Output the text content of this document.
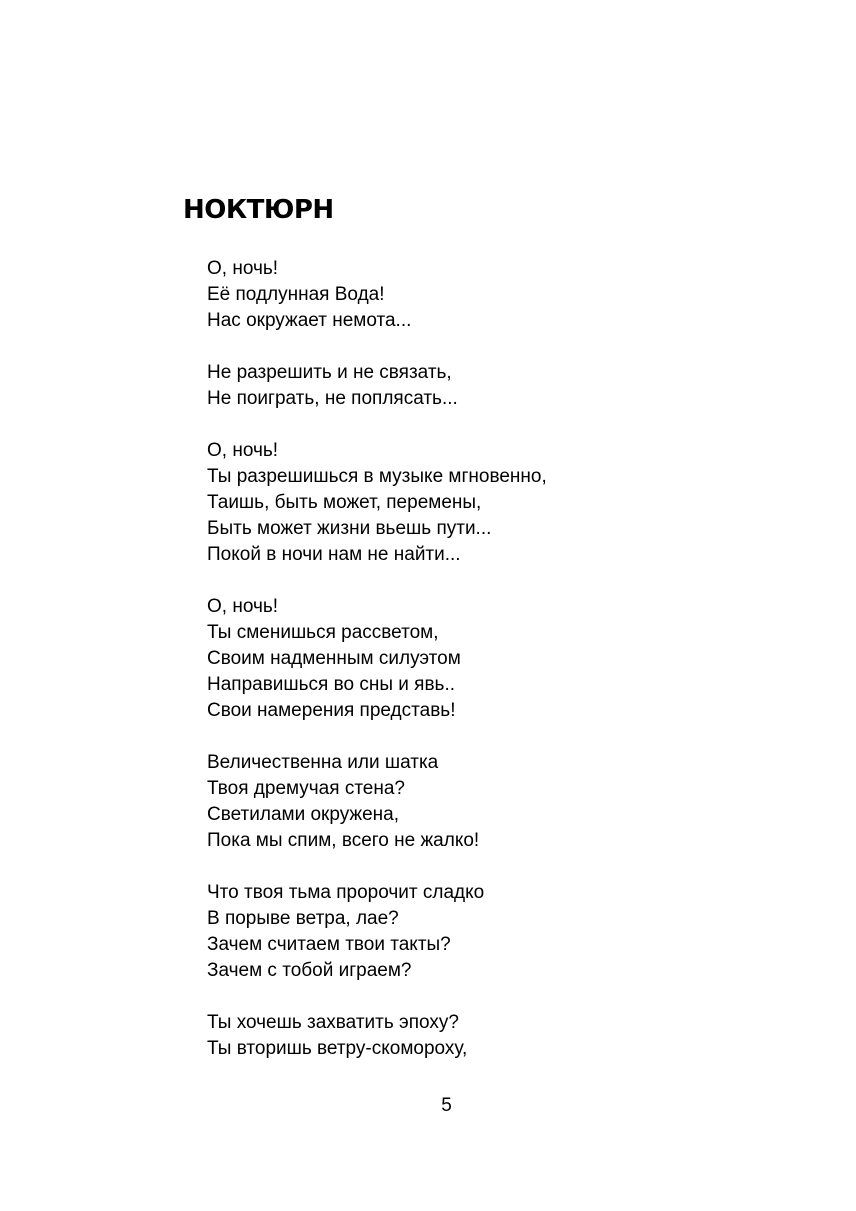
НОКТЮРН
О, ночь!
Её подлунная Вода!
Нас окружает немота...
Не разрешить и не связать,
Не поиграть, не поплясать...
О, ночь!
Ты разрешишься в музыке мгновенно,
Таишь, быть может, перемены,
Быть может жизни вьешь пути...
Покой в ночи нам не найти...
О, ночь!
Ты сменишься рассветом,
Своим надменным силуэтом
Направишься во сны и явь..
Свои намерения представь!
Величественна или шатка
Твоя дремучая стена?
Светилами окружена,
Пока мы спим, всего не жалко!
Что твоя тьма пророчит сладко
В порыве ветра, лае?
Зачем считаем твои такты?
Зачем с тобой играем?
Ты хочешь захватить эпоху?
Ты вторишь ветру-скомороху,
5
